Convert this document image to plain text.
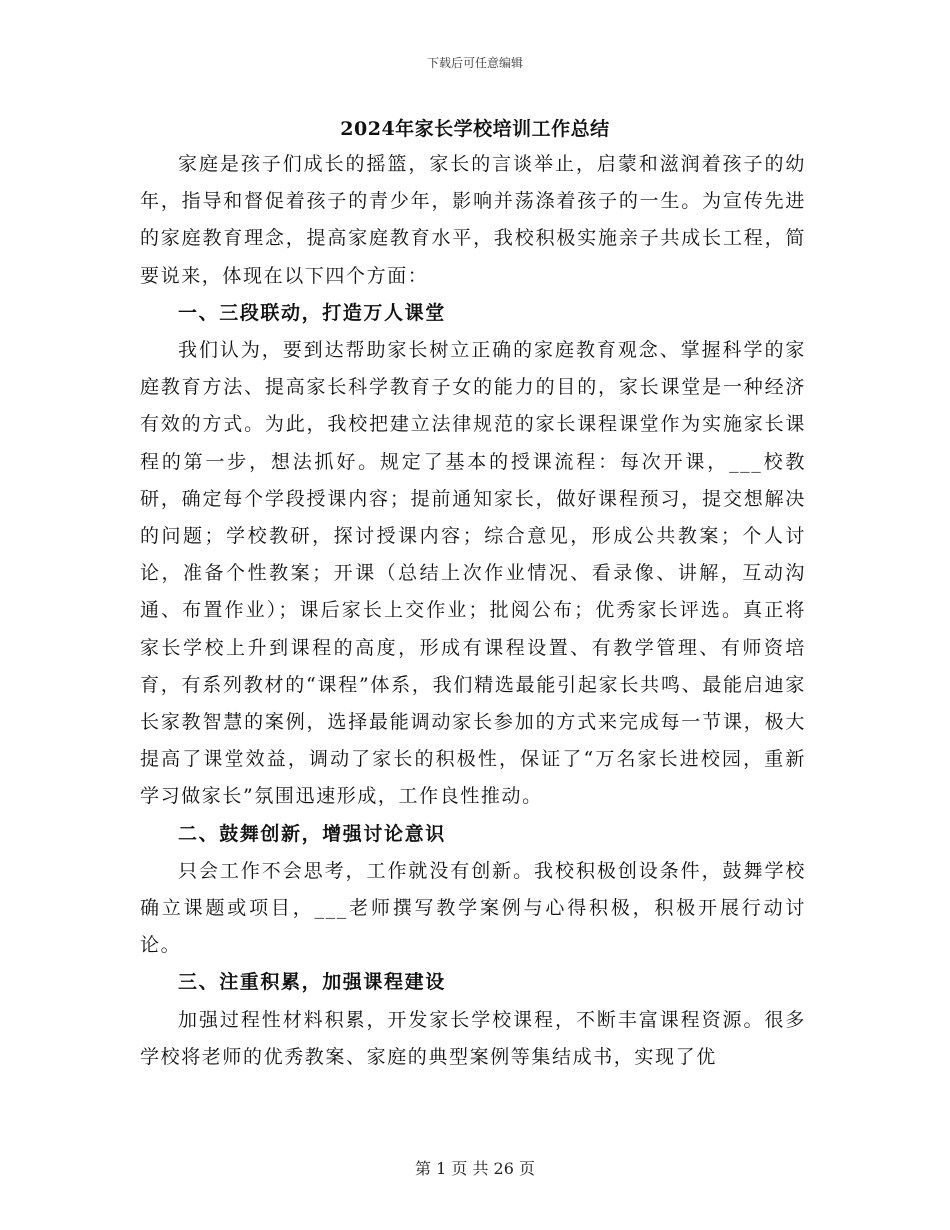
下载后可任意编辑
2024年家长学校培训工作总结

家庭是孩子们成长的摇篮，家长的言谈举止，启蒙和滋润着孩子的幼年，指导和督促着孩子的青少年，影响并荡涤着孩子的一生。为宣传先进的家庭教育理念，提高家庭教育水平，我校积极实施亲子共成长工程，简要说来，体现在以下四个方面：

一、三段联动，打造万人课堂

我们认为，要到达帮助家长树立正确的家庭教育观念、掌握科学的家庭教育方法、提高家长科学教育子女的能力的目的，家长课堂是一种经济有效的方式。为此，我校把建立法律规范的家长课程课堂作为实施家长课程的第一步，想法抓好。规定了基本的授课流程：每次开课，___校教研，确定每个学段授课内容；提前通知家长，做好课程预习，提交想解决的问题；学校教研，探讨授课内容；综合意见，形成公共教案；个人讨论，准备个性教案；开课（总结上次作业情况、看录像、讲解，互动沟通、布置作业）；课后家长上交作业；批阅公布；优秀家长评选。真正将家长学校上升到课程的高度，形成有课程设置、有教学管理、有师资培育，有系列教材的“课程”体系，我们精选最能引起家长共鸣、最能启迪家长家教智慧的案例，选择最能调动家长参加的方式来完成每一节课，极大提高了课堂效益，调动了家长的积极性，保证了“万名家长进校园，重新学习做家长”氛围迅速形成，工作良性推动。

二、鼓舞创新，增强讨论意识

只会工作不会思考，工作就没有创新。我校积极创设条件，鼓舞学校确立课题或项目，___老师撰写教学案例与心得积极，积极开展行动讨论。

三、注重积累，加强课程建设

加强过程性材料积累，开发家长学校课程，不断丰富课程资源。很多学校将老师的优秀教案、家庭的典型案例等集结成书，实现了优

第 1 页 共 26 页
